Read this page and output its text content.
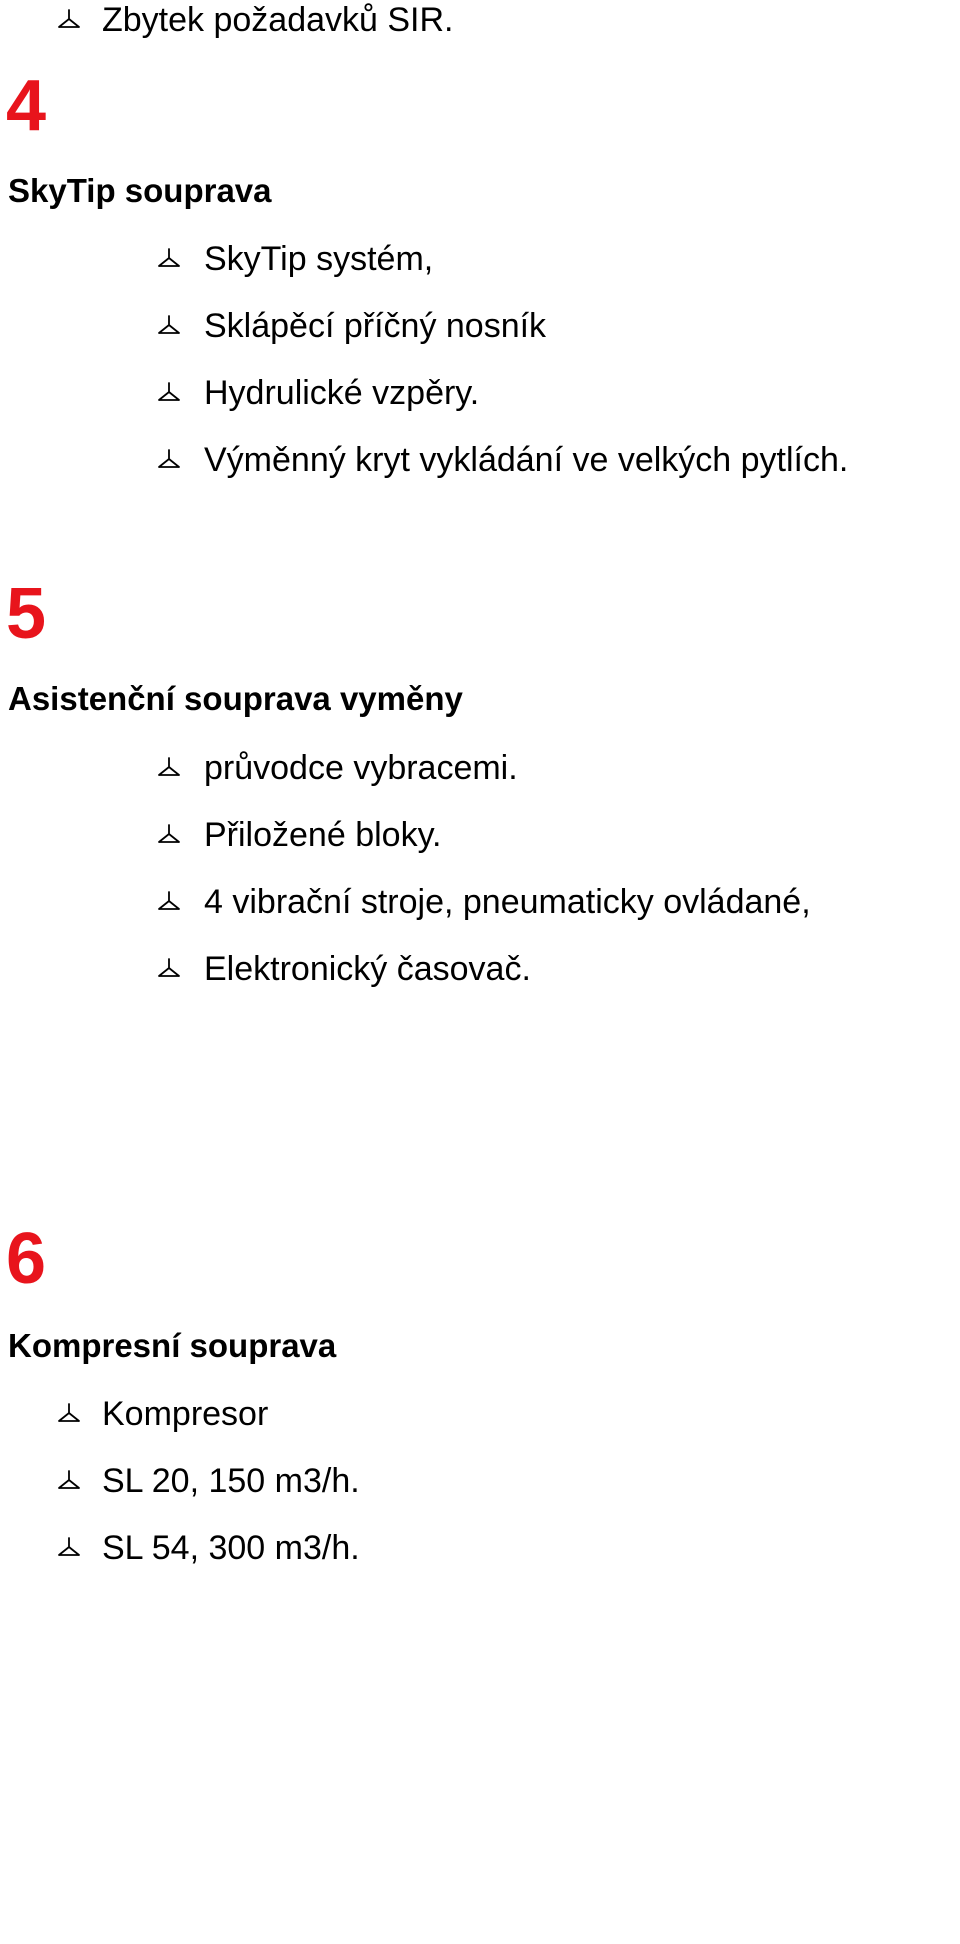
Zbytek požadavků SIR.
4
SkyTip souprava
SkyTip systém,
Sklápěcí příčný nosník
Hydrulické vzpěry.
Výměnný kryt vykládání ve velkých pytlích.
5
Asistenční souprava vyměny
průvodce vybracemi.
Přiložené bloky.
4 vibrační stroje, pneumaticky ovládané,
Elektronický časovač.
6
Kompresní souprava
Kompresor
SL 20, 150 m3/h.
SL 54, 300 m3/h.
